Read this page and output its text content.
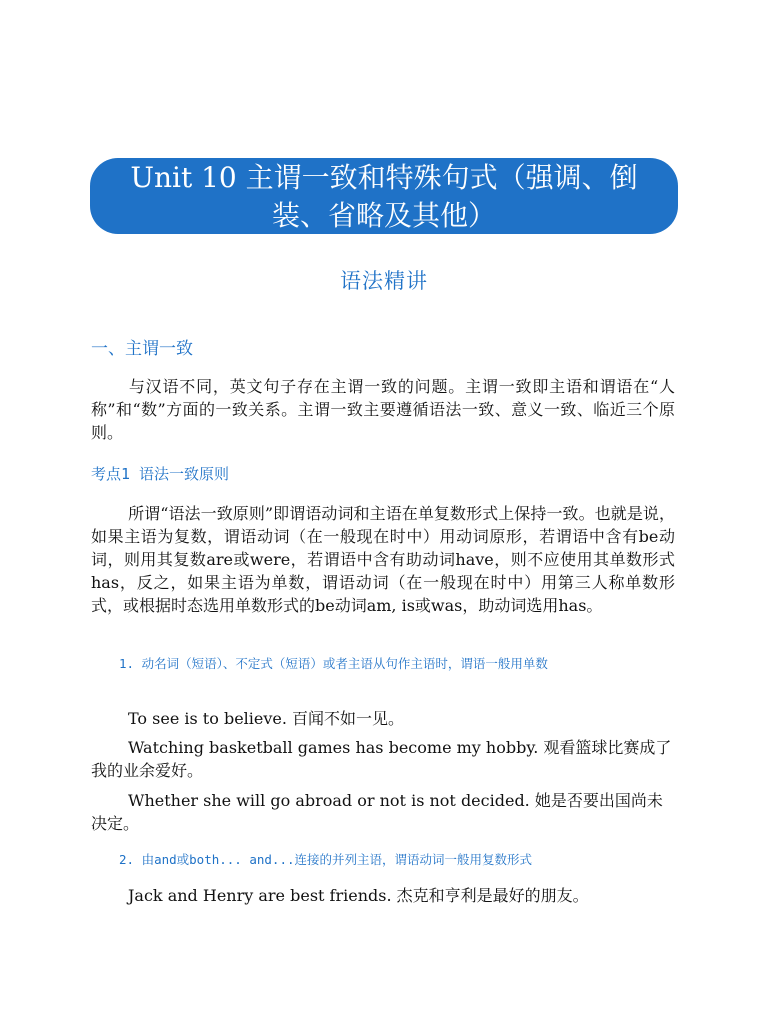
Unit 10 主谓一致和特殊句式（强调、倒
装、省略及其他）
语法精讲
一、主谓一致
与汉语不同，英文句子存在主谓一致的问题。主谓一致即主语和谓语在“人称”和“数”方面的一致关系。主谓一致主要遵循语法一致、意义一致、临近三个原则。
考点1 语法一致原则
所谓“语法一致原则”即谓语动词和主语在单复数形式上保持一致。也就是说，如果主语为复数，谓语动词（在一般现在时中）用动词原形，若谓语中含有be动词，则用其复数are或were，若谓语中含有助动词have，则不应使用其单数形式has，反之，如果主语为单数，谓语动词（在一般现在时中）用第三人称单数形式，或根据时态选用单数形式的be动词am, is或was，助动词选用has。
1. 动名词（短语）、不定式（短语）或者主语从句作主语时，谓语一般用单数
To see is to believe. 百闻不如一见。
Watching basketball games has become my hobby. 观看篮球比赛成了我的业余爱好。
Whether she will go abroad or not is not decided. 她是否要出国尚未决定。
2. 由and或both... and...连接的并列主语，谓语动词一般用复数形式
Jack and Henry are best friends. 杰克和亨利是最好的朋友。
